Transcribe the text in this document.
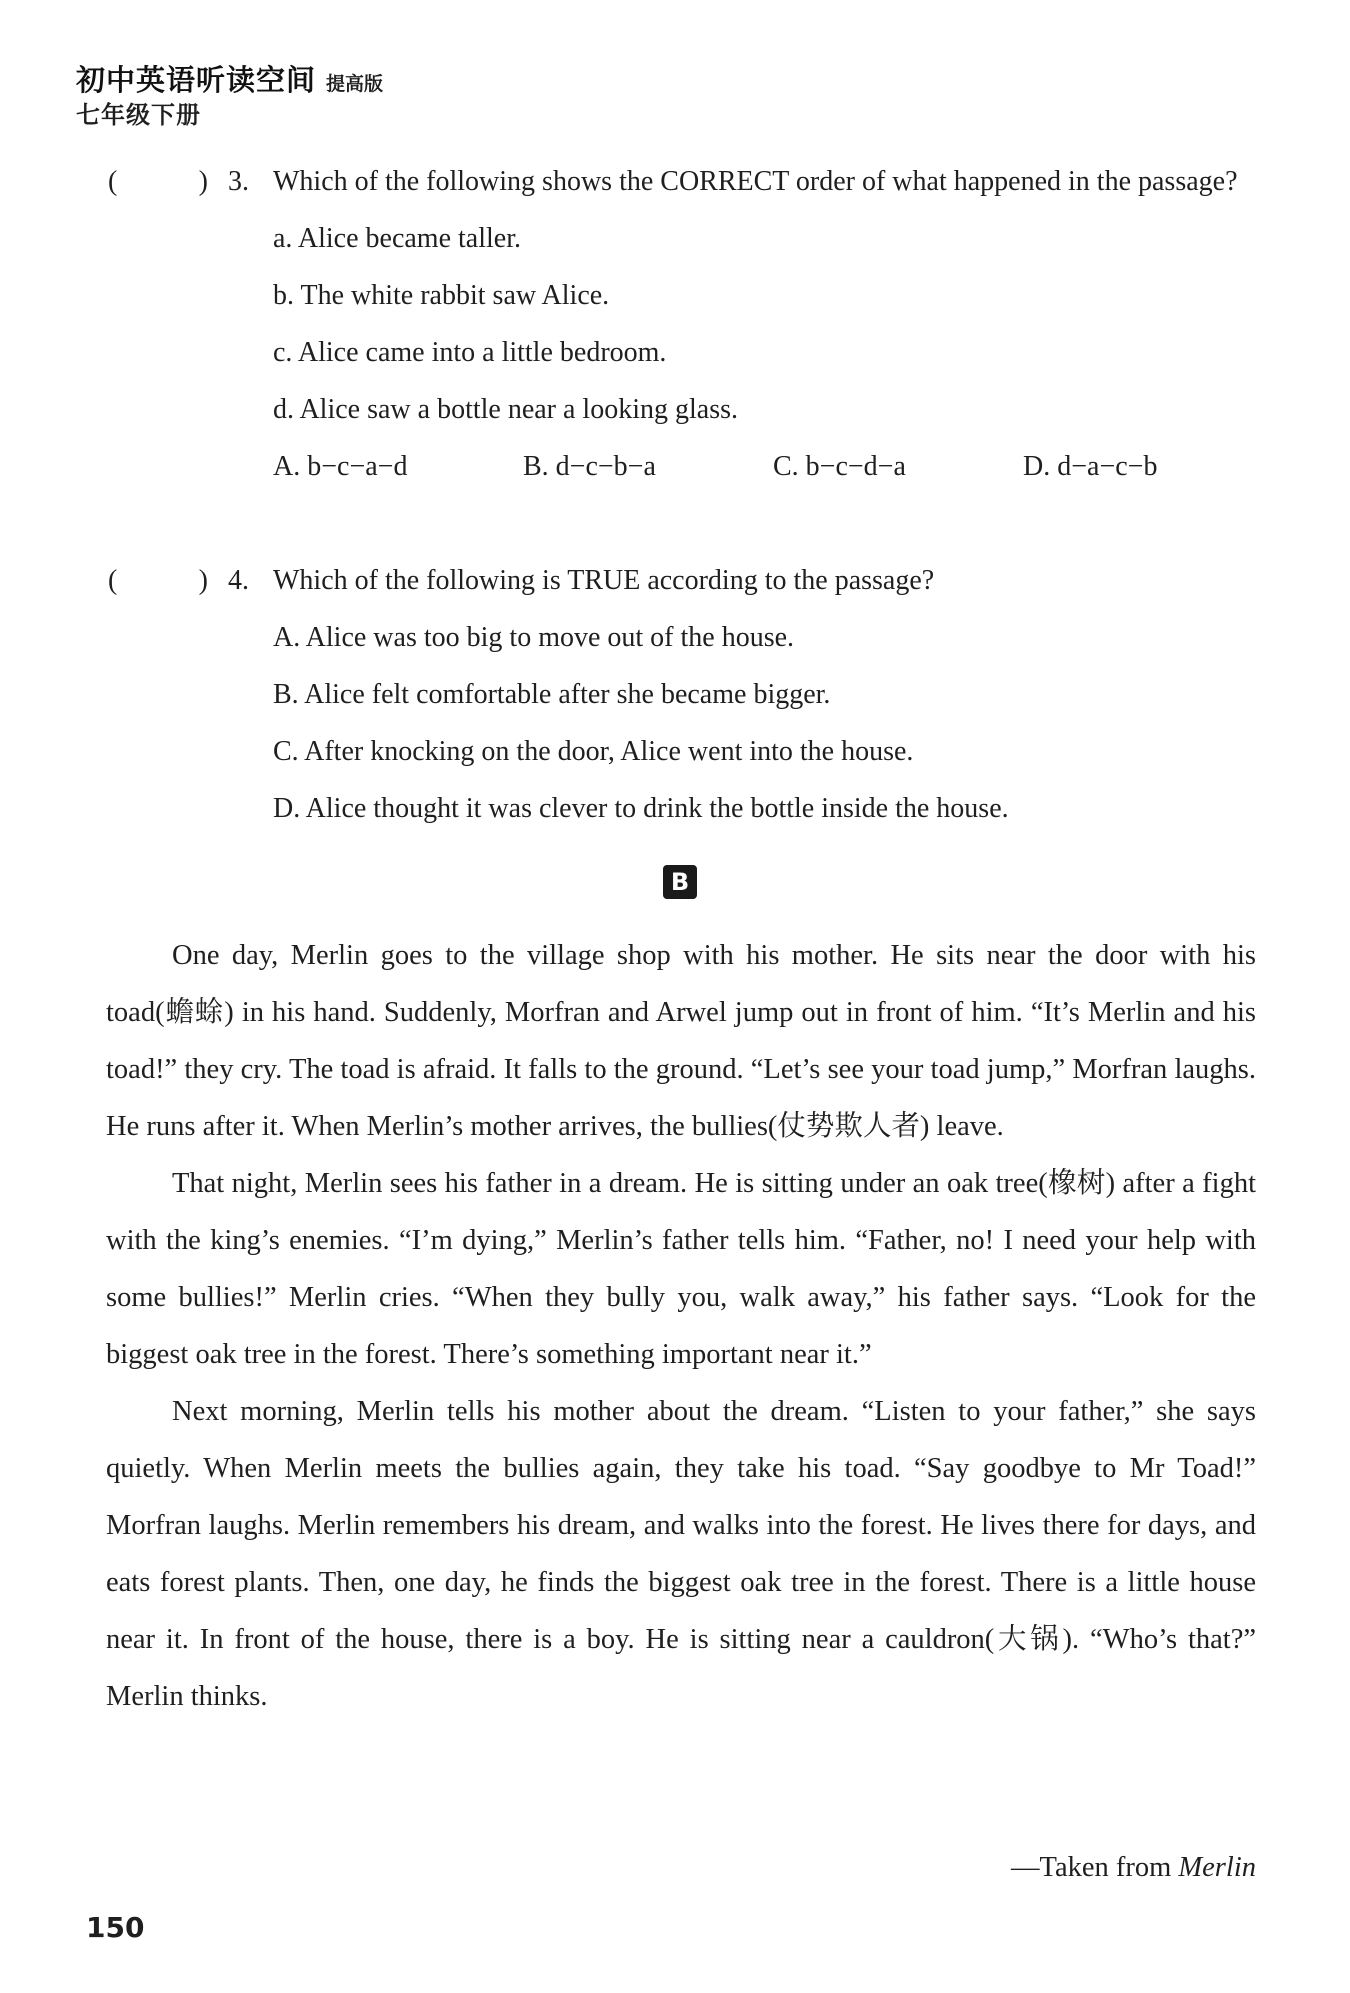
初中英语听读空间 提高版
七年级下册
(	) 3. Which of the following shows the CORRECT order of what happened in the passage?
a. Alice became taller.
b. The white rabbit saw Alice.
c. Alice came into a little bedroom.
d. Alice saw a bottle near a looking glass.
A. b−c−a−d	B. d−c−b−a	C. b−c−d−a	D. d−a−c−b
(	) 4. Which of the following is TRUE according to the passage?
A. Alice was too big to move out of the house.
B. Alice felt comfortable after she became bigger.
C. After knocking on the door, Alice went into the house.
D. Alice thought it was clever to drink the bottle inside the house.
B

One day, Merlin goes to the village shop with his mother. He sits near the door with his toad(蟾蜍) in his hand. Suddenly, Morfran and Arwel jump out in front of him. “It’s Merlin and his toad!” they cry. The toad is afraid. It falls to the ground. “Let’s see your toad jump,” Morfran laughs. He runs after it. When Merlin’s mother arrives, the bullies(仗势欺人者) leave.

That night, Merlin sees his father in a dream. He is sitting under an oak tree(橡树) after a fight with the king’s enemies. “I’m dying,” Merlin’s father tells him. “Father, no! I need your help with some bullies!” Merlin cries. “When they bully you, walk away,” his father says. “Look for the biggest oak tree in the forest. There’s something important near it.”

Next morning, Merlin tells his mother about the dream. “Listen to your father,” she says quietly. When Merlin meets the bullies again, they take his toad. “Say goodbye to Mr Toad!” Morfran laughs. Merlin remembers his dream, and walks into the forest. He lives there for days, and eats forest plants. Then, one day, he finds the biggest oak tree in the forest. There is a little house near it. In front of the house, there is a boy. He is sitting near a cauldron(大锅). “Who’s that?” Merlin thinks.

—Taken from Merlin
150
